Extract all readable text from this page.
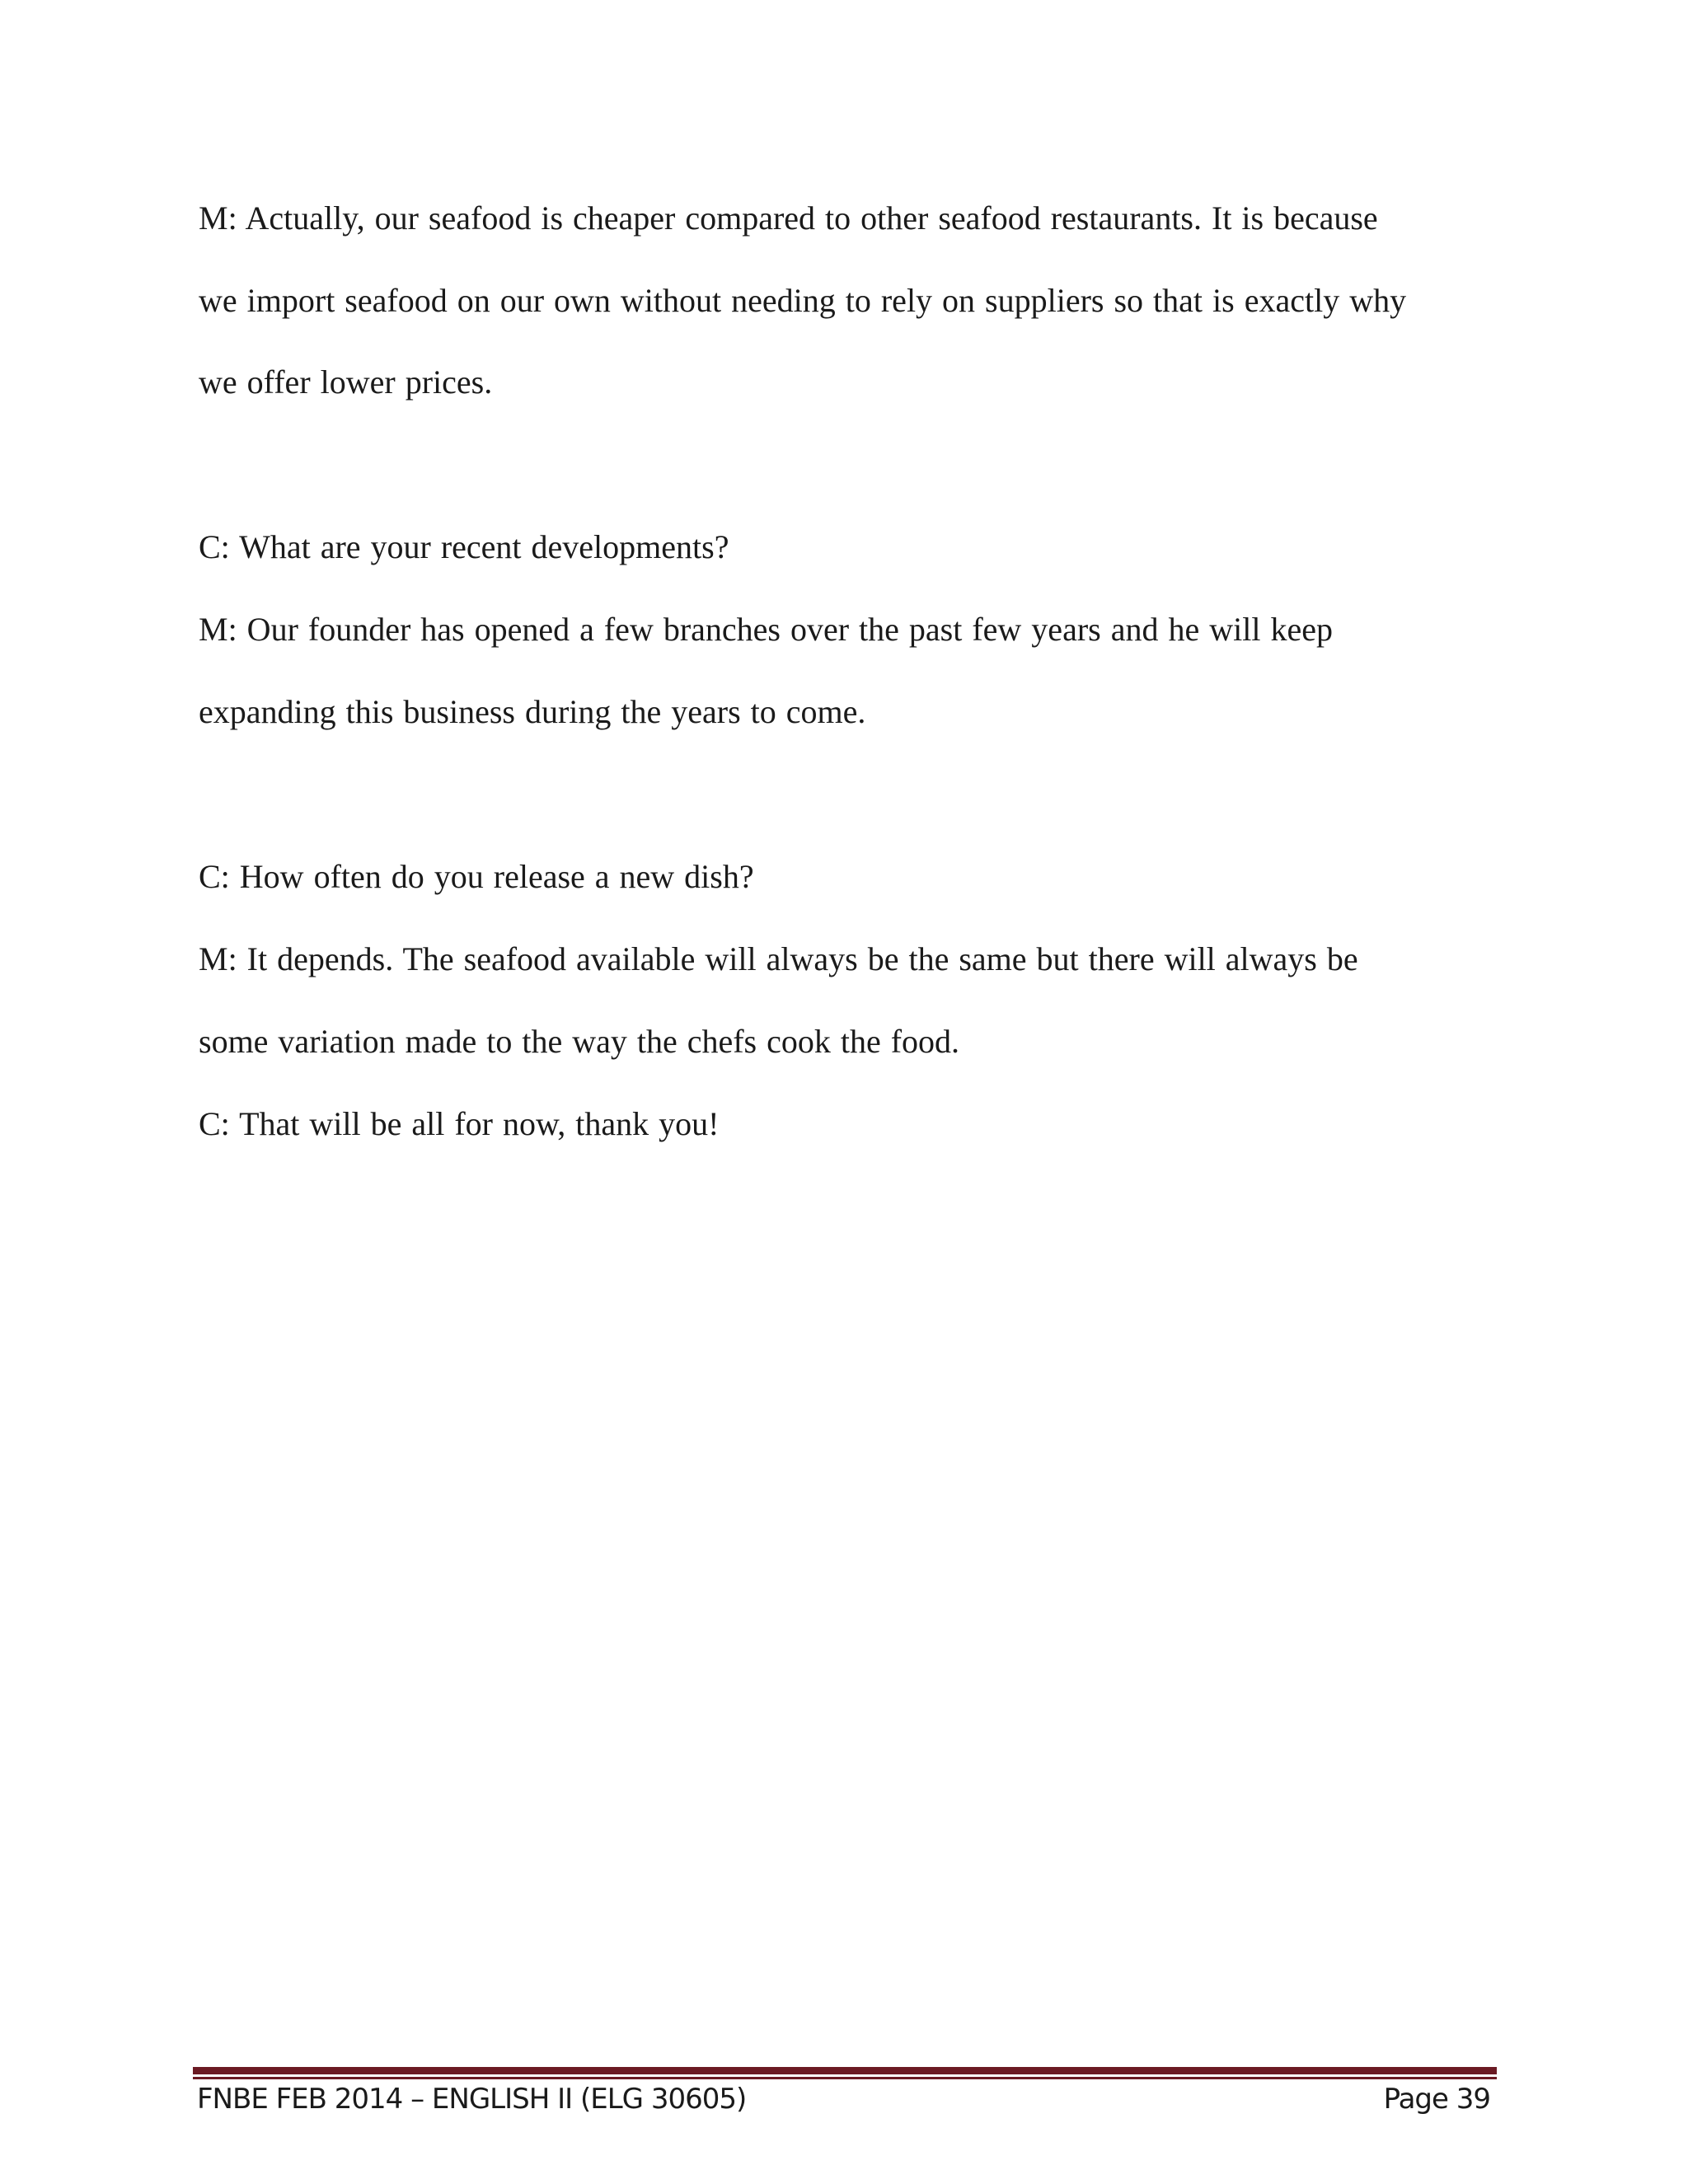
M: Actually, our seafood is cheaper compared to other seafood restaurants. It is because
we import seafood on our own without needing to rely on suppliers so that is exactly why
we offer lower prices.
C: What are your recent developments?
M: Our founder has opened a few branches over the past few years and he will keep
expanding this business during the years to come.
C: How often do you release a new dish?
M: It depends. The seafood available will always be the same but there will always be
some variation made to the way the chefs cook the food.
C: That will be all for now, thank you!
FNBE FEB 2014 – ENGLISH II (ELG 30605)	Page 39
